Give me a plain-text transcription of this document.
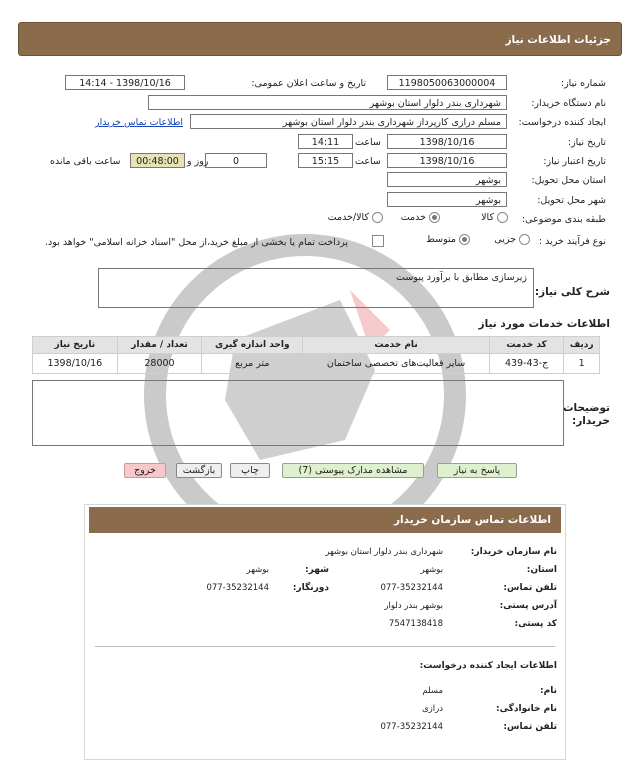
جزئیات اطلاعات نیاز
شماره نیاز:
1198050063000004
تاریخ و ساعت اعلان عمومی:
1398/10/16 - 14:14
نام دستگاه خریدار:
شهرداری بندر دلوار استان بوشهر
ایجاد کننده درخواست:
مسلم درازی کارپرداز شهرداری بندر دلوار استان بوشهر
اطلاعات تماس خریدار
تاریخ نیاز:
1398/10/16
ساعت
14:11
تاریخ اعتبار نیاز:
1398/10/16
ساعت
15:15
0
روز و
00:48:00
ساعت باقی مانده
استان محل تحویل:
بوشهر
شهر محل تحویل:
بوشهر
طبقه بندی موضوعی:
کالا
خدمت
کالا/خدمت
نوع فرآیند خرید :
جزیی
متوسط
پرداخت تمام یا بخشی از مبلغ خرید،از محل "اسناد خزانه اسلامی" خواهد بود.
شرح کلی نیاز:
زیرسازی مطابق با برآورد پیوست
اطلاعات خدمات مورد نیاز
ردیف	کد خدمت	نام خدمت	واحد اندازه گیری	تعداد / مقدار	تاریخ نیاز
1	ج-43-439	سایر فعالیت‌های تخصصی ساختمان	متر مربع	28000	1398/10/16
توضیحات خریدار:
پاسخ به نیاز
مشاهده مدارک پیوستی (7)
چاپ
بازگشت
خروج
اطلاعات تماس سازمان خریدار
نام سازمان خریدار:
شهرداری بندر دلوار استان بوشهر
استان:
بوشهر
شهر:
بوشهر
تلفن تماس:
077-35232144
دورنگار:
077-35232144
آدرس پستی:
بوشهر بندر دلوار
کد پستی:
7547138418
اطلاعات ایجاد کننده درخواست:
نام:
مسلم
نام خانوادگی:
درازی
تلفن تماس:
077-35232144
